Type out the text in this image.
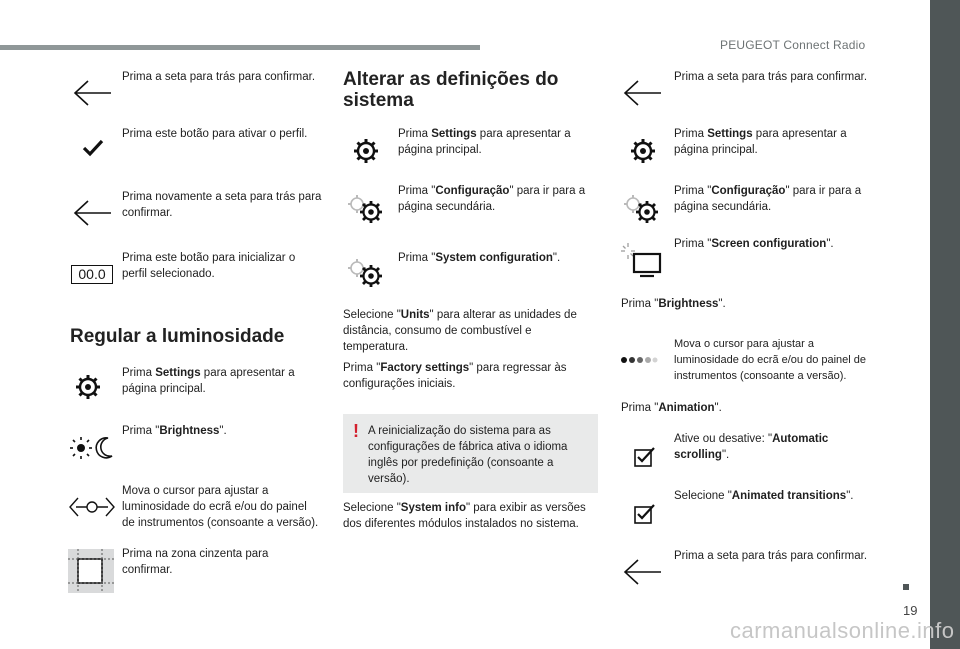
PEUGEOT Connect Radio
19
Prima a seta para trás para confirmar.
Prima este botão para ativar o perfil.
Prima novamente a seta para trás para confirmar.
00.0
Prima este botão para inicializar o perfil selecionado.
Regular a luminosidade
Prima Settings para apresentar a página principal.
Prima "Brightness".
Mova o cursor para ajustar a luminosidade do ecrã e/ou do painel de instrumentos (consoante a versão).
Prima na zona cinzenta para confirmar.
Alterar as definições do sistema
Prima Settings para apresentar a página principal.
Prima "Configuração" para ir para a página secundária.
Prima "System configuration".
Selecione "Units" para alterar as unidades de distância, consumo de combustível e temperatura.
Prima "Factory settings" para regressar às configurações iniciais.
! A reinicialização do sistema para as configurações de fábrica ativa o idioma inglês por predefinição (consoante a versão).
Selecione "System info" para exibir as versões dos diferentes módulos instalados no sistema.
Prima a seta para trás para confirmar.
Prima Settings para apresentar a página principal.
Prima "Configuração" para ir para a página secundária.
Prima "Screen configuration".
Prima "Brightness".
Mova o cursor para ajustar a luminosidade do ecrã e/ou do painel de instrumentos (consoante a versão).
Prima "Animation".
Ative ou desative: "Automatic scrolling".
Selecione "Animated transitions".
Prima a seta para trás para confirmar.
carmanualsonline.info
